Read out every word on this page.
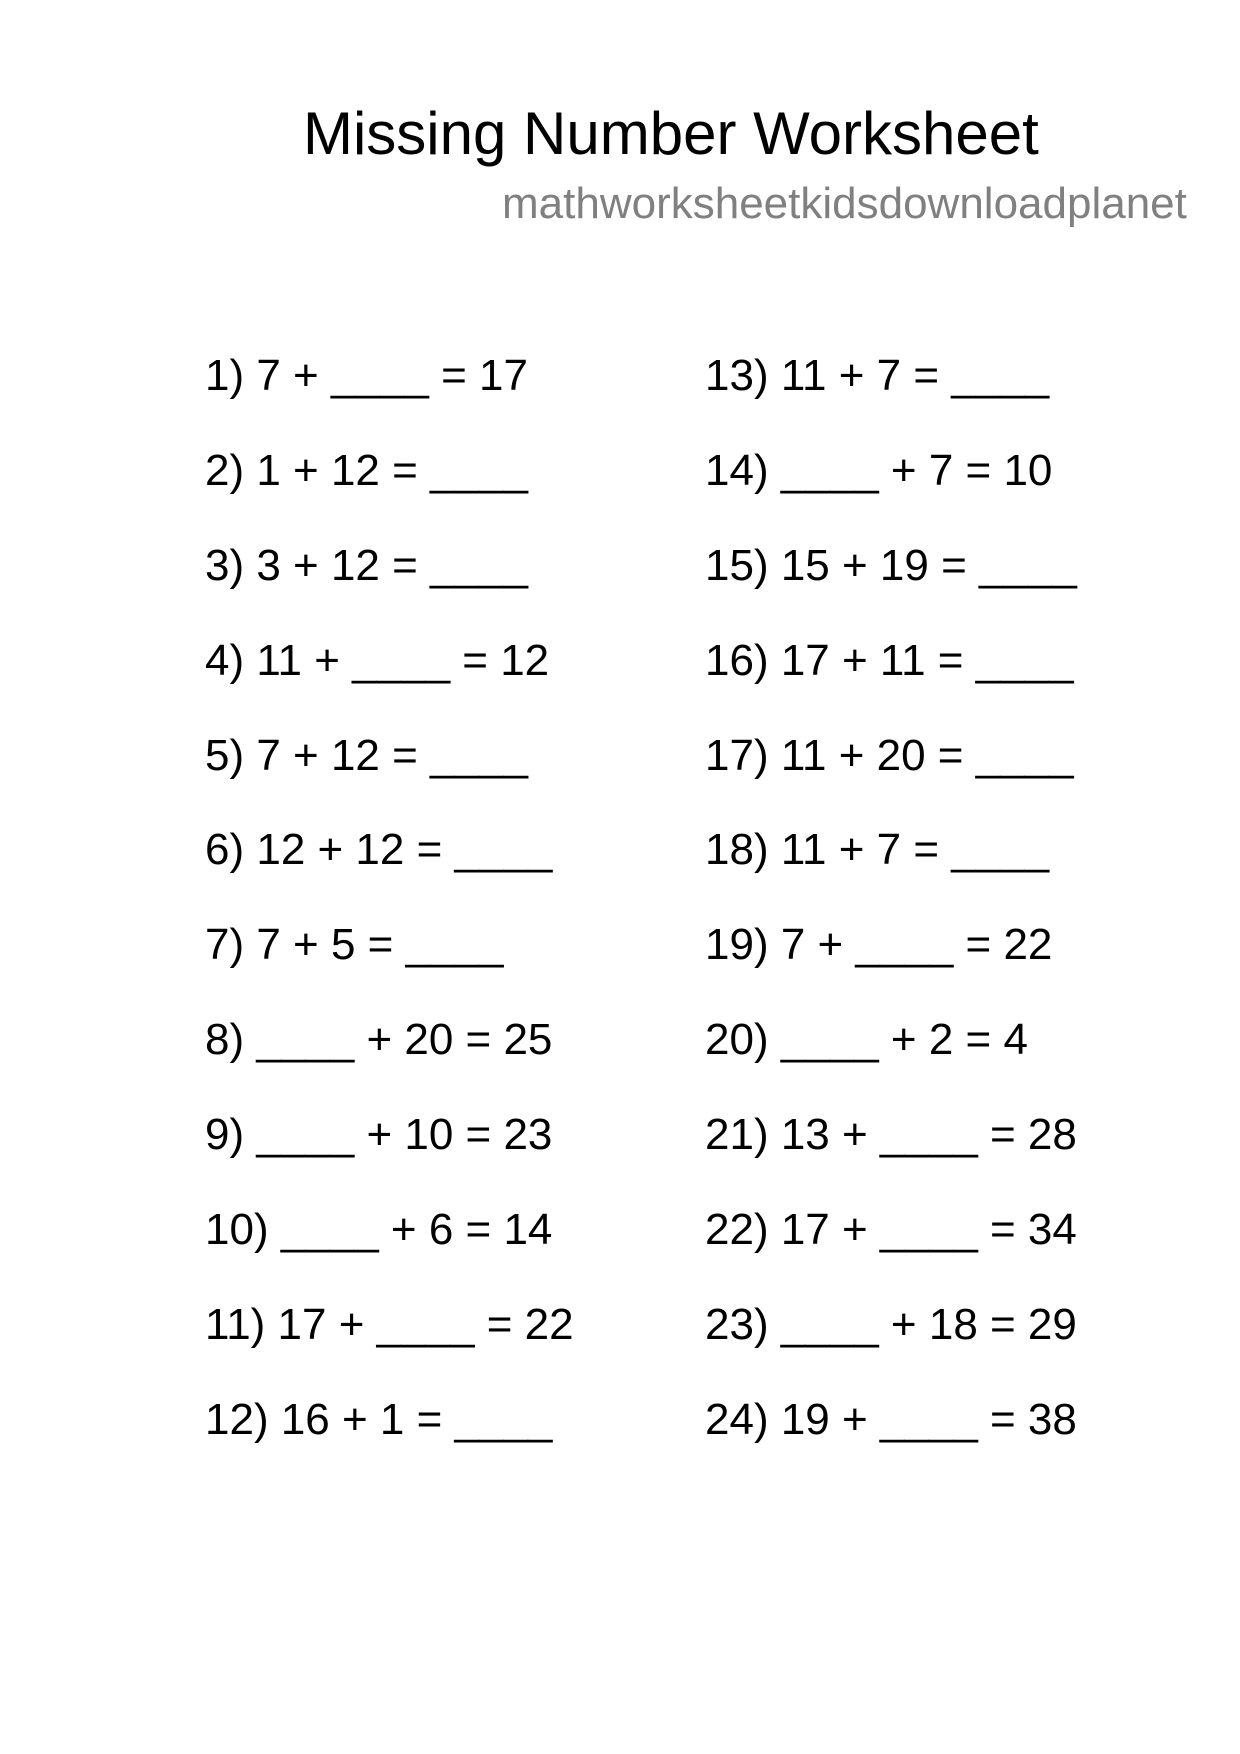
Missing Number Worksheet
mathworksheetkidsdownloadplanet
1) 7 + ____ = 17
2) 1 + 12 = ____
3) 3 + 12 = ____
4) 11 + ____ = 12
5) 7 + 12 = ____
6) 12 + 12 = ____
7) 7 + 5 = ____
8) ____ + 20 = 25
9) ____ + 10 = 23
10) ____ + 6 = 14
11) 17 + ____ = 22
12) 16 + 1 = ____
13) 11 + 7 = ____
14) ____ + 7 = 10
15) 15 + 19 = ____
16) 17 + 11 = ____
17) 11 + 20 = ____
18) 11 + 7 = ____
19) 7 + ____ = 22
20) ____ + 2 = 4
21) 13 + ____ = 28
22) 17 + ____ = 34
23) ____ + 18 = 29
24) 19 + ____ = 38
